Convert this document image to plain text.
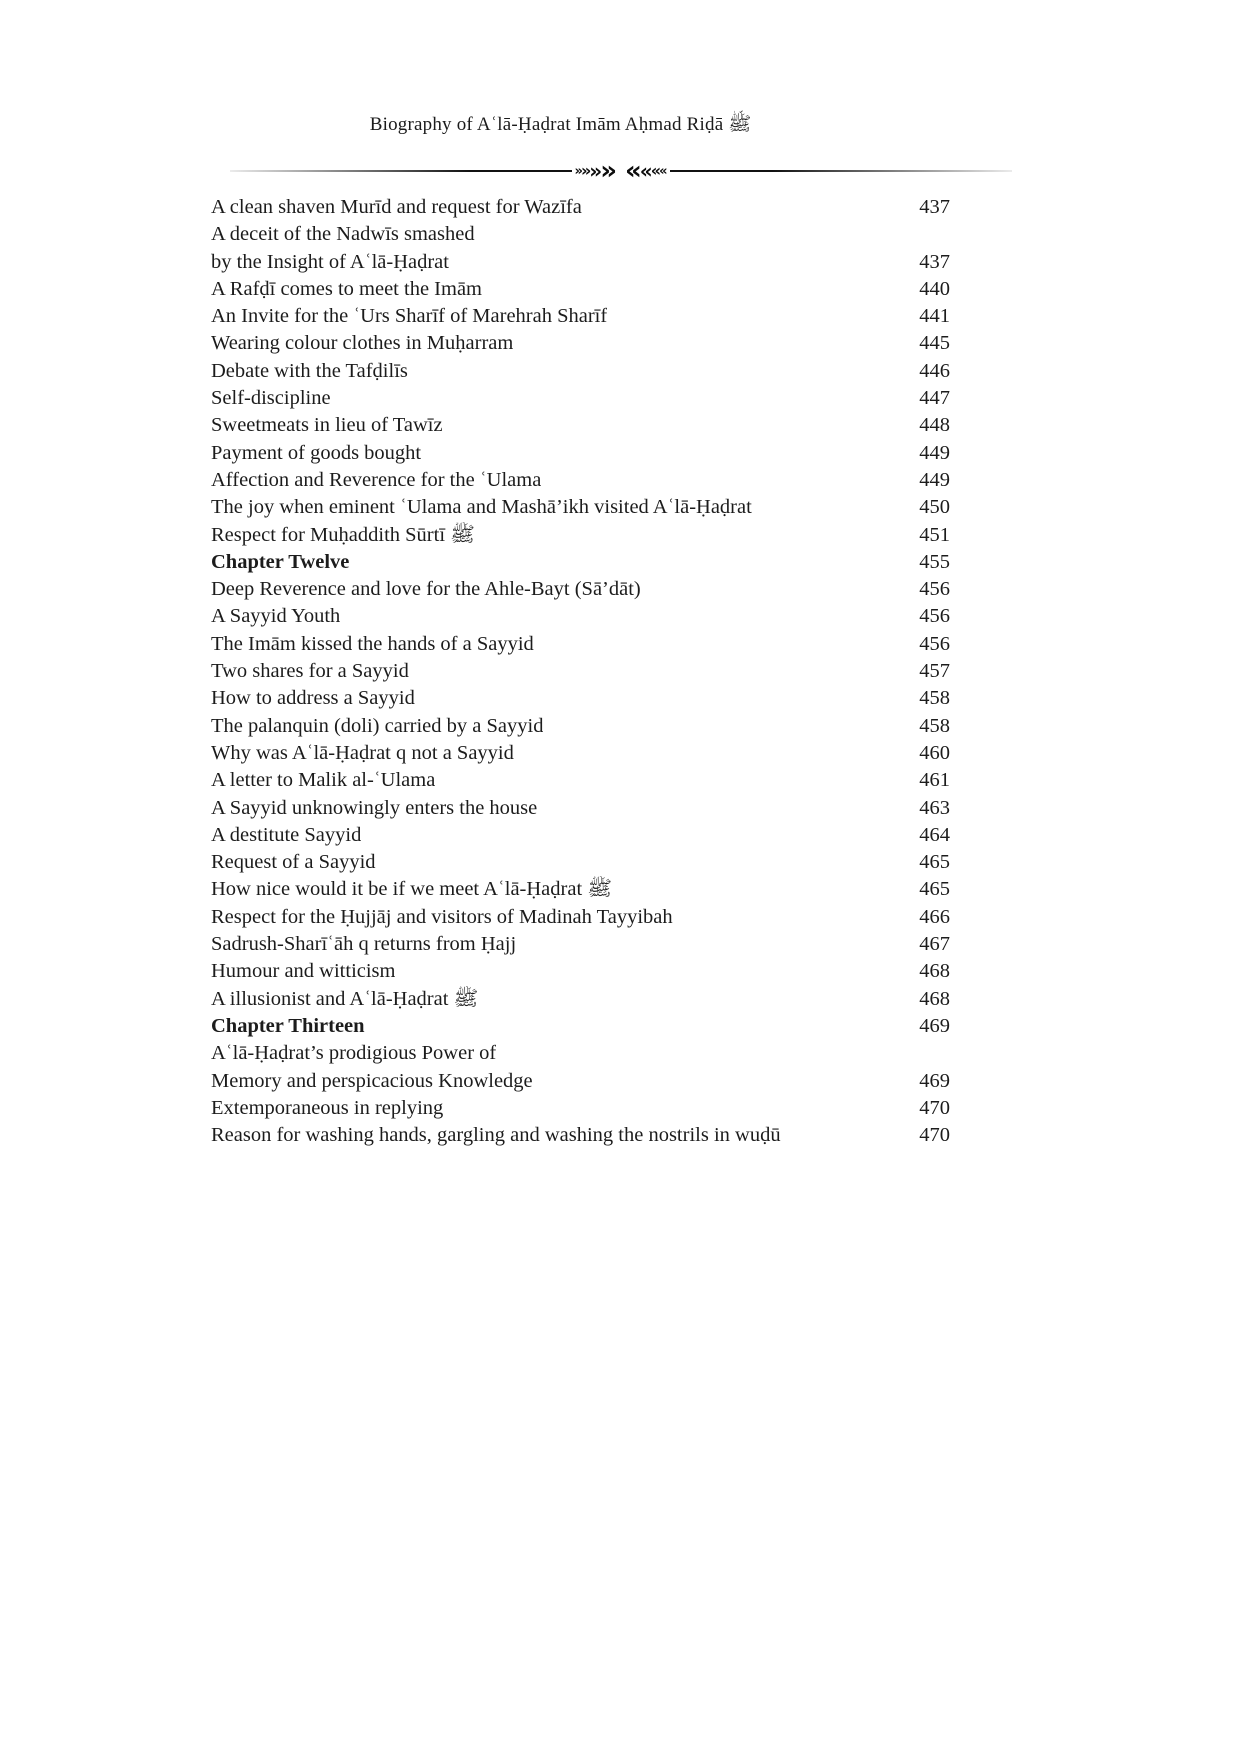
Biography of Aʿlā-Ḥaḍrat Imām Aḥmad Riḍā ﷺ
»
»
»
» «
«
«
«
A clean shaven Murīd and request for Wazīfa	437
A deceit of the Nadwīs smashed
by the Insight of Aʿlā-Ḥaḍrat	437
A Rafḍī comes to meet the Imām	440
An Invite for the ʿUrs Sharīf of Marehrah Sharīf	441
Wearing colour clothes in Muḥarram	445
Debate with the Tafḍilīs	446
Self-discipline	447
Sweetmeats in lieu of Tawīz	448
Payment of goods bought	449
Affection and Reverence for the ʿUlama	449
The joy when eminent ʿUlama and Mashā’ikh visited Aʿlā-Ḥaḍrat	450
Respect for Muḥaddith Sūrtī ﷺ	451
Chapter Twelve	455
Deep Reverence and love for the Ahle-Bayt (Sā’dāt)	456
A Sayyid Youth	456
The Imām kissed the hands of a Sayyid	456
Two shares for a Sayyid	457
How to address a Sayyid	458
The palanquin (doli) carried by a Sayyid	458
Why was Aʿlā-Ḥaḍrat q not a Sayyid	460
A letter to Malik al-ʿUlama	461
A Sayyid unknowingly enters the house	463
A destitute Sayyid	464
Request of a Sayyid	465
How nice would it be if we meet Aʿlā-Ḥaḍrat ﷺ	465
Respect for the Ḥujjāj and visitors of Madinah Tayyibah	466
Sadrush-Sharīʿāh q returns from Ḥajj	467
Humour and witticism	468
A illusionist and Aʿlā-Ḥaḍrat ﷺ	468
Chapter Thirteen	469
Aʿlā-Ḥaḍrat’s prodigious Power of
Memory and perspicacious Knowledge	469
Extemporaneous in replying	470
Reason for washing hands, gargling and washing the nostrils in wuḍū	470
